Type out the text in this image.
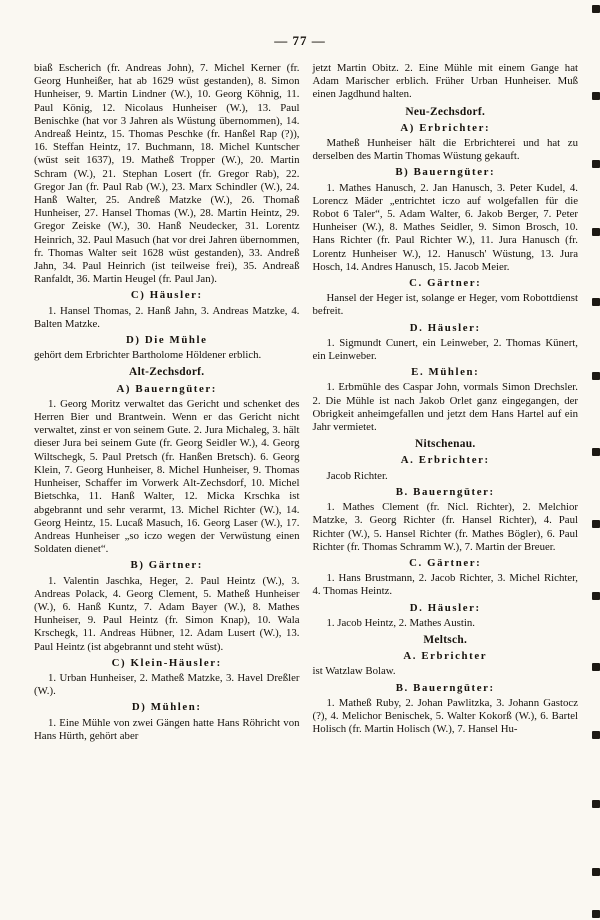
— 77 —
biaß Escherich (fr. Andreas John), 7. Michel Kerner (fr. Georg Hunheißer, hat ab 1629 wüst gestanden), 8. Simon Hunheiser, 9. Martin Lindner (W.), 10. Georg Köhnig, 11. Paul König, 12. Nicolaus Hunheiser (W.), 13. Paul Benischke (hat vor 3 Jahren als Wüstung übernommen), 14. Andreaß Heintz, 15. Thomas Peschke (fr. Hanßel Rap (?)), 16. Steffan Heintz, 17. Buchmann, 18. Michel Kuntscher (wüst seit 1637), 19. Matheß Tropper (W.), 20. Martin Schram (W.), 21. Stephan Losert (fr. Gregor Rab), 22. Gregor Jan (fr. Paul Rab (W.), 23. Marx Schindler (W.), 24. Hanß Walter, 25. Andreß Matzke (W.), 26. Thomaß Hunheiser, 27. Hansel Thomas (W.), 28. Martin Heintz, 29. Gregor Zeiske (W.), 30. Hanß Neudecker, 31. Lorentz Heinrich, 32. Paul Masuch (hat vor drei Jahren übernommen, fr. Thomas Walter seit 1628 wüst gestanden), 33. Andreß Jahn, 34. Paul Heinrich (ist teilweise frei), 35. Andreaß Ranfaldt, 36. Martin Heugel (fr. Paul Jan).
C) Häusler:
1. Hansel Thomas, 2. Hanß Jahn, 3. Andreas Matzke, 4. Balten Matzke.
D) Die Mühle
gehört dem Erbrichter Bartholome Höldener erblich.
Alt-Zechsdorf.
A) Bauerngüter:
1. Georg Moritz verwaltet das Gericht und schenket des Herren Bier und Brantwein. Wenn er das Gericht nicht verwaltet, zinst er von seinem Gute. 2. Jura Michaleg, 3. hält dieser Jura bei seinem Gute (fr. Georg Seidler W.), 4. Georg Wiltschegk, 5. Paul Pretsch (fr. Hanßen Bretsch). 6. Georg Klein, 7. Georg Hunheiser, 8. Michel Hunheiser, 9. Thomas Hunheiser, Schaffer im Vorwerk Alt-Zechsdorf, 10. Michel Bietschka, 11. Hanß Walter, 12. Micka Krschka ist abgebrannt und sehr verarmt, 13. Michel Richter (W.), 14. Georg Heintz, 15. Lucaß Masuch, 16. Georg Laser (W.), 17. Andreas Hunheiser „so iczo wegen der Verwüstung einen Soldaten dienet“.
B) Gärtner:
1. Valentin Jaschka, Heger, 2. Paul Heintz (W.), 3. Andreas Polack, 4. Georg Clement, 5. Matheß Hunheiser (W.), 6. Hanß Kuntz, 7. Adam Bayer (W.), 8. Mathes Hunheiser, 9. Paul Heintz (fr. Simon Knap), 10. Wala Krschegk, 11. Andreas Hübner, 12. Adam Lusert (W.), 13. Paul Heintz (ist abgebrannt und steht wüst).
C) Klein-Häusler:
1. Urban Hunheiser, 2. Matheß Matzke, 3. Havel Dreßler (W.).
D) Mühlen:
1. Eine Mühle von zwei Gängen hatte Hans Röhricht von Hans Hürth, gehört aber
jetzt Martin Obitz. 2. Eine Mühle mit einem Gange hat Adam Marischer erblich. Früher Urban Hunheiser. Muß einen Jagdhund halten.
Neu-Zechsdorf.
A) Erbrichter:
Matheß Hunheiser hält die Erbrichterei und hat zu derselben des Martin Thomas Wüstung gekauft.
B) Bauerngüter:
1. Mathes Hanusch, 2. Jan Hanusch, 3. Peter Kudel, 4. Lorencz Mäder „entrichtet iczo auf wolgefallen für die Robot 6 Taler“, 5. Adam Walter, 6. Jakob Berger, 7. Peter Hunheiser (W.), 8. Mathes Seidler, 9. Simon Brosch, 10. Hans Richter (fr. Paul Richter W.), 11. Jura Hanusch (fr. Lorentz Hunheiser W.), 12. Hanusch' Wüstung, 13. Jura Hosch, 14. Andres Hanusch, 15. Jacob Meier.
C. Gärtner:
Hansel der Heger ist, solange er Heger, vom Robottdienst befreit.
D. Häusler:
1. Sigmundt Cunert, ein Leinweber, 2. Thomas Künert, ein Leinweber.
E. Mühlen:
1. Erbmühle des Caspar John, vormals Simon Drechsler. 2. Die Mühle ist nach Jakob Orlet ganz eingegangen, der Obrigkeit anheimgefallen und jetzt dem Hans Hartel auf ein Jahr vermietet.
Nitschenau.
A. Erbrichter:
Jacob Richter.
B. Bauerngüter:
1. Mathes Clement (fr. Nicl. Richter), 2. Melchior Matzke, 3. Georg Richter (fr. Hansel Richter), 4. Paul Richter (W.), 5. Hansel Richter (fr. Mathes Bögler), 6. Paul Richter (fr. Thomas Schramm W.), 7. Martin der Breuer.
C. Gärtner:
1. Hans Brustmann, 2. Jacob Richter, 3. Michel Richter, 4. Thomas Heintz.
D. Häusler:
1. Jacob Heintz, 2. Mathes Austin.
Meltsch.
A. Erbrichter
ist Watzlaw Bolaw.
B. Bauerngüter:
1. Matheß Ruby, 2. Johan Pawlitzka, 3. Johann Gastocz (?), 4. Melichor Benischek, 5. Walter Kokorß (W.), 6. Bartel Holisch (fr. Martin Holisch (W.), 7. Hansel Hu-
